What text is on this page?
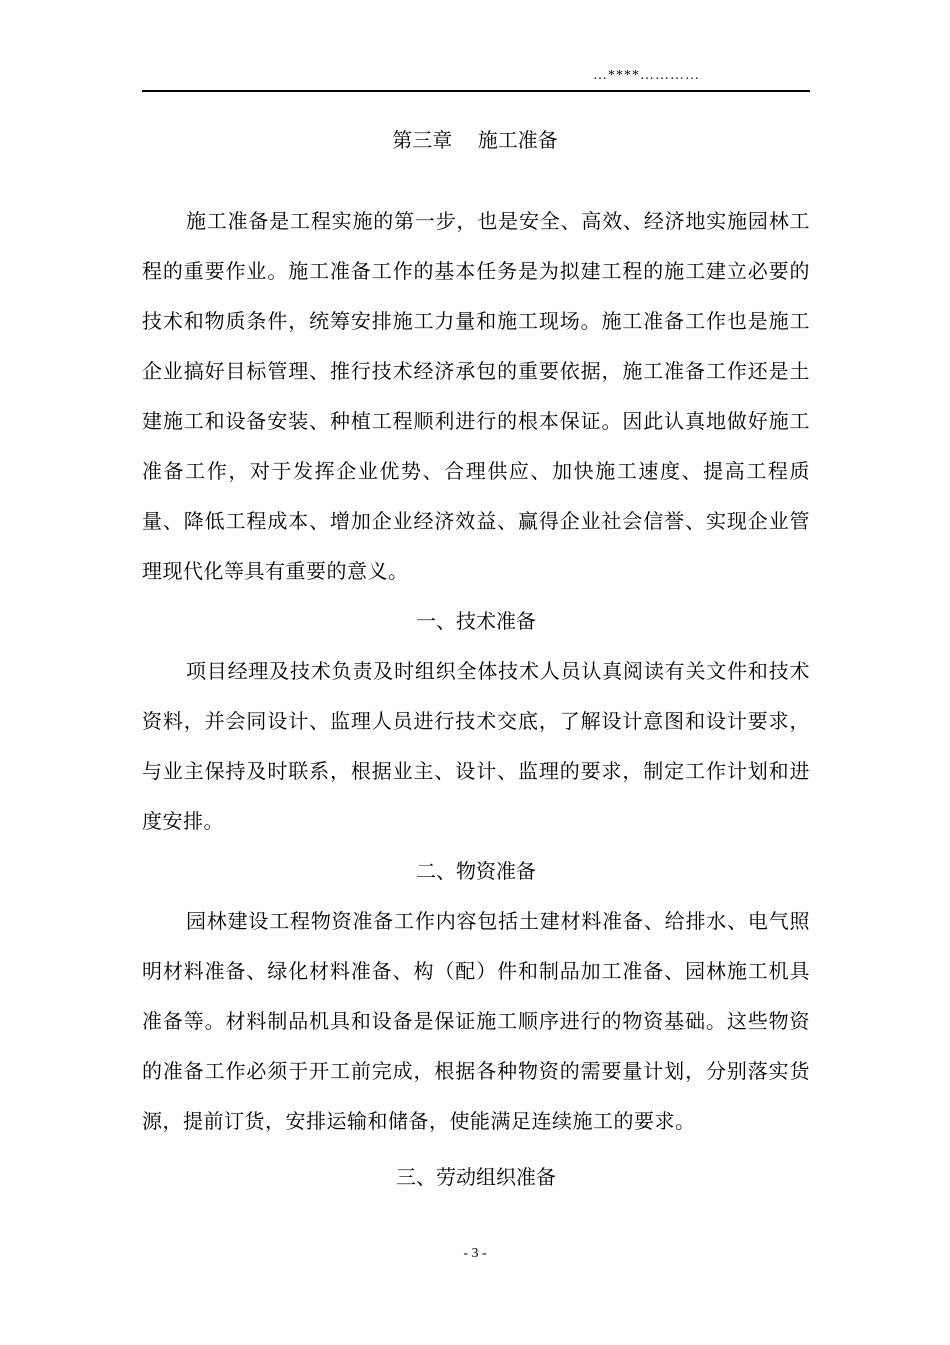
…****…………
第三章    施工准备

施工准备是工程实施的第一步，也是安全、高效、经济地实施园林工程的重要作业。施工准备工作的基本任务是为拟建工程的施工建立必要的技术和物质条件，统筹安排施工力量和施工现场。施工准备工作也是施工企业搞好目标管理、推行技术经济承包的重要依据，施工准备工作还是土建施工和设备安装、种植工程顺利进行的根本保证。因此认真地做好施工准备工作，对于发挥企业优势、合理供应、加快施工速度、提高工程质量、降低工程成本、增加企业经济效益、赢得企业社会信誉、实现企业管理现代化等具有重要的意义。

一、技术准备

项目经理及技术负责及时组织全体技术人员认真阅读有关文件和技术资料，并会同设计、监理人员进行技术交底，了解设计意图和设计要求，与业主保持及时联系，根据业主、设计、监理的要求，制定工作计划和进度安排。

二、物资准备

园林建设工程物资准备工作内容包括土建材料准备、给排水、电气照明材料准备、绿化材料准备、构（配）件和制品加工准备、园林施工机具准备等。材料制品机具和设备是保证施工顺序进行的物资基础。这些物资的准备工作必须于开工前完成，根据各种物资的需要量计划，分别落实货源，提前订货，安排运输和储备，使能满足连续施工的要求。

三、劳动组织准备

- 3 -
